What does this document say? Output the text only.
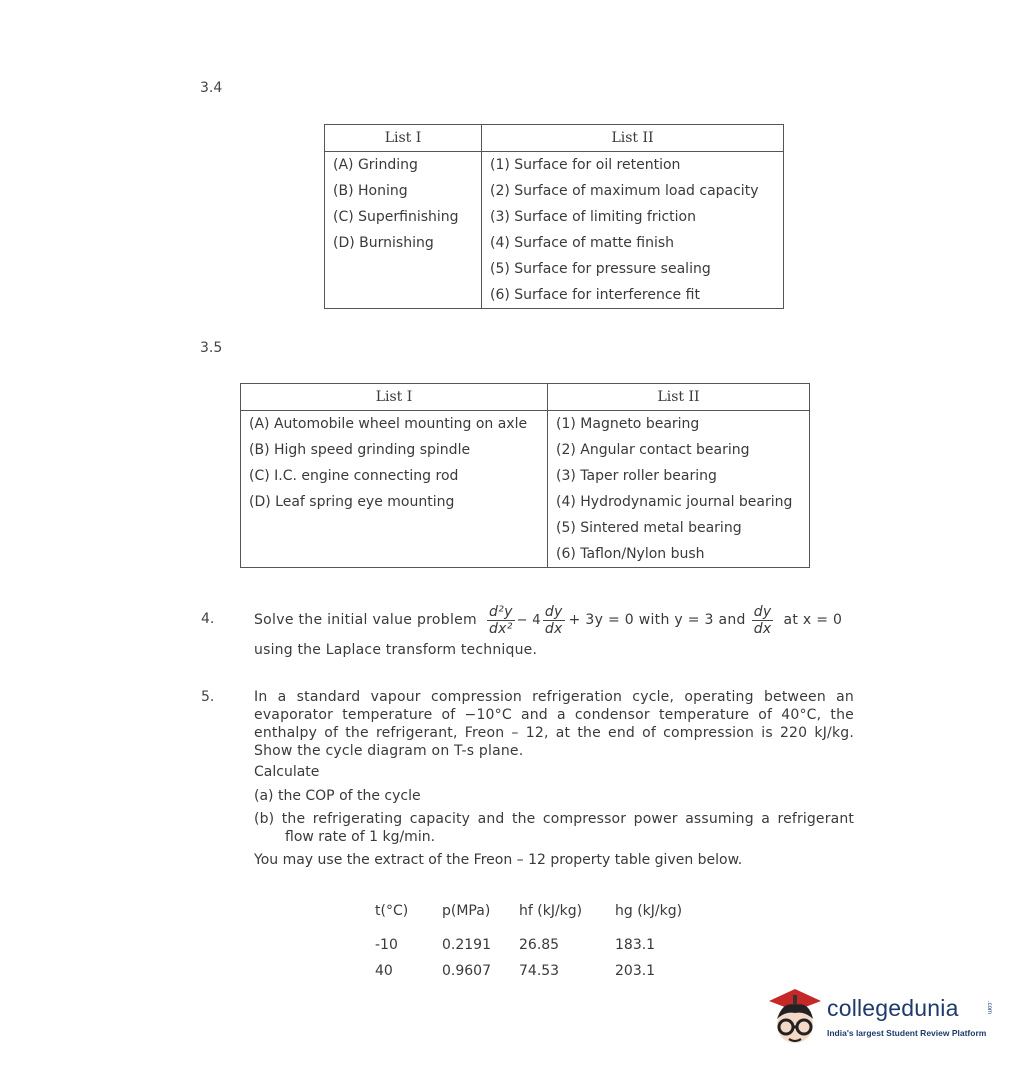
3.4
List I	List II
(A) Grinding	(1) Surface for oil retention
(B) Honing	(2) Surface of maximum load capacity
(C) Superfinishing	(3) Surface of limiting friction
(D) Burnishing	(4) Surface of matte finish
	(5) Surface for pressure sealing
	(6) Surface for interference fit
3.5
List I	List II
(A) Automobile wheel mounting on axle	(1) Magneto bearing
(B) High speed grinding spindle	(2) Angular contact bearing
(C) I.C. engine connecting rod	(3) Taper roller bearing
(D) Leaf spring eye mounting	(4) Hydrodynamic journal bearing
	(5) Sintered metal bearing
	(6) Taflon/Nylon bush
4.	Solve the initial value problem $\frac{\text{d²y}}{\text{dx²}} - 4 \frac{dy}{dx} + 3y = 0$ with y = 3 and $\frac{dy}{dx}$ at x = 0
using the Laplace transform technique.
5.	In a standard vapour compression refrigeration cycle, operating between an
evaporator temperature of −10°C and a condensor temperature of 40°C, the
enthalpy of the refrigerant, Freon – 12, at the end of compression is 220 kJ/kg.
Show the cycle diagram on T-s plane.
Calculate
(a) the COP of the cycle
(b) the refrigerating capacity and the compressor power assuming a refrigerant
flow rate of 1 kg/min.
You may use the extract of the Freon – 12 property table given below.
t(°C)	p(MPa)	hf (kJ/kg)	hg (kJ/kg)

-10	0.2191	26.85	183.1
40	0.9607	74.53	203.1
collegedunia	.com
India's largest Student Review Platform
